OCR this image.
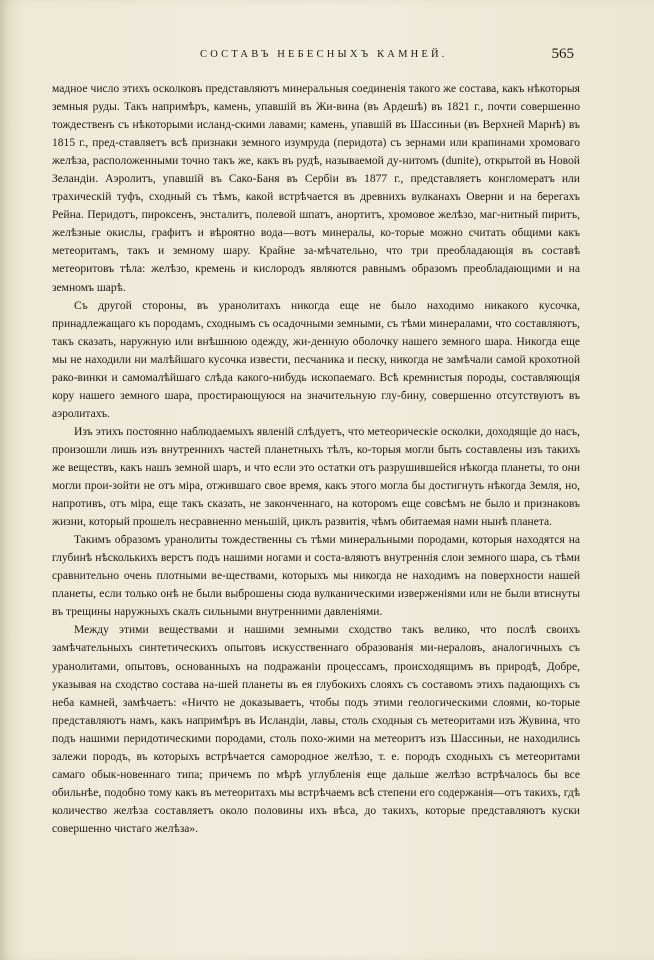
СОСТАВЪ НЕБЕСНЫХЪ КАМНЕЙ.	565

мадное число этихъ осколковъ представляютъ минеральныя соединенія такого же состава, какъ нѣкоторыя земныя руды. Такъ напримѣръ, камень, упавшій въ Жи-вина (въ Ардешѣ) въ 1821 г., почти совершенно тождественъ съ нѣкоторыми исланд-скими лавами; камень, упавшій въ Шассиньи (въ Верхней Марнѣ) въ 1815 г., пред-ставляетъ всѣ признаки земного изумруда (перидота) съ зернами или крапинами хромоваго желѣза, расположенными точно такъ же, какъ въ рудѣ, называемой ду-нитомъ (dunite), открытой въ Новой Зеландіи. Аэролитъ, упавшій въ Сако-Баня въ Сербіи въ 1877 г., представляетъ конгломератъ или трахическій туфъ, сходный съ тѣмъ, какой встрѣчается въ древнихъ вулканахъ Оверни и на берегахъ Рейна. Перидотъ, пироксенъ, энсталитъ, полевой шпатъ, анортитъ, хромовое желѣзо, маг-нитный пиритъ, желѣзные окислы, графитъ и вѣроятно вода—вотъ минералы, ко-торые можно считать общими какъ метеоритамъ, такъ и земному шару. Крайне за-мѣчательно, что три преобладающія въ составѣ метеоритовъ тѣла: желѣзо, кремень и кислородъ являются равнымъ образомъ преобладающими и на земномъ шарѣ.

Съ другой стороны, въ уранолитахъ никогда еще не было находимо никакого кусочка, принадлежащаго къ породамъ, сходнымъ съ осадочными земными, съ тѣми минералами, что составляютъ, такъ сказать, наружную или внѣшнюю одежду, жи-денную оболочку нашего земного шара. Никогда еще мы не находили ни малѣйшаго кусочка извести, песчаника и песку, никогда не замѣчали самой крохотной рако-винки и самомалѣйшаго слѣда какого-нибудь ископаемаго. Всѣ кремнистыя породы, составляющія кору нашего земного шара, простирающуюся на значительную глу-бину, совершенно отсутствуютъ въ аэролитахъ.

Изъ этихъ постоянно наблюдаемыхъ явленій слѣдуетъ, что метеорическіе осколки, доходящіе до насъ, произошли лишь изъ внутреннихъ частей планетныхъ тѣлъ, ко-торыя могли быть составлены изъ такихъ же веществъ, какъ нашъ земной шаръ, и что если это остатки отъ разрушившейся нѣкогда планеты, то они могли прои-зойти не отъ міра, отжившаго свое время, какъ этого могла бы достигнуть нѣкогда Земля, но, напротивъ, отъ міра, еще такъ сказать, не законченнаго, на которомъ еще совсѣмъ не было и признаковъ жизни, который прошелъ несравненно меньшій, циклъ развитія, чѣмъ обитаемая нами нынѣ планета.

Такимъ образомъ уранолиты тождественны съ тѣми минеральными породами, которыя находятся на глубинѣ нѣсколькихъ верстъ подъ нашими ногами и соста-вляютъ внутреннія слои земного шара, съ тѣми сравнительно очень плотными ве-ществами, которыхъ мы никогда не находимъ на поверхности нашей планеты, если только онѣ не были выброшены сюда вулканическими изверженіями или не были втиснуты въ трещины наружныхъ скалъ сильными внутренними давленіями.

Между этими веществами и нашими земными сходство такъ велико, что послѣ своихъ замѣчательныхъ синтетическихъ опытовъ искусственнаго образованія ми-нераловъ, аналогичныхъ съ уранолитами, опытовъ, основанныхъ на подражаніи процессамъ, происходящимъ въ природѣ, Добре, указывая на сходство состава на-шей планеты въ ея глубокихъ слояхъ съ составомъ этихъ падающихъ съ неба камней, замѣчаетъ: «Ничто не доказываетъ, чтобы подъ этими геологическими слоями, ко-торые представляютъ намъ, какъ напримѣръ въ Исландіи, лавы, столь сходныя съ метеоритами изъ Жувина, что подъ нашими перидотическими породами, столь похо-жими на метеоритъ изъ Шассиньи, не находились залежи породъ, въ которыхъ встрѣчается самородное желѣзо, т. е. породъ сходныхъ съ метеоритами самаго обык-новеннаго типа; причемъ по мѣрѣ углубленія еще дальше желѣзо встрѣчалось бы все обильнѣе, подобно тому какъ въ метеоритахъ мы встрѣчаемъ всѣ степени его содержанія—отъ такихъ, гдѣ количество желѣза составляетъ около половины ихъ вѣса, до такихъ, которые представляютъ куски совершенно чистаго желѣза».
